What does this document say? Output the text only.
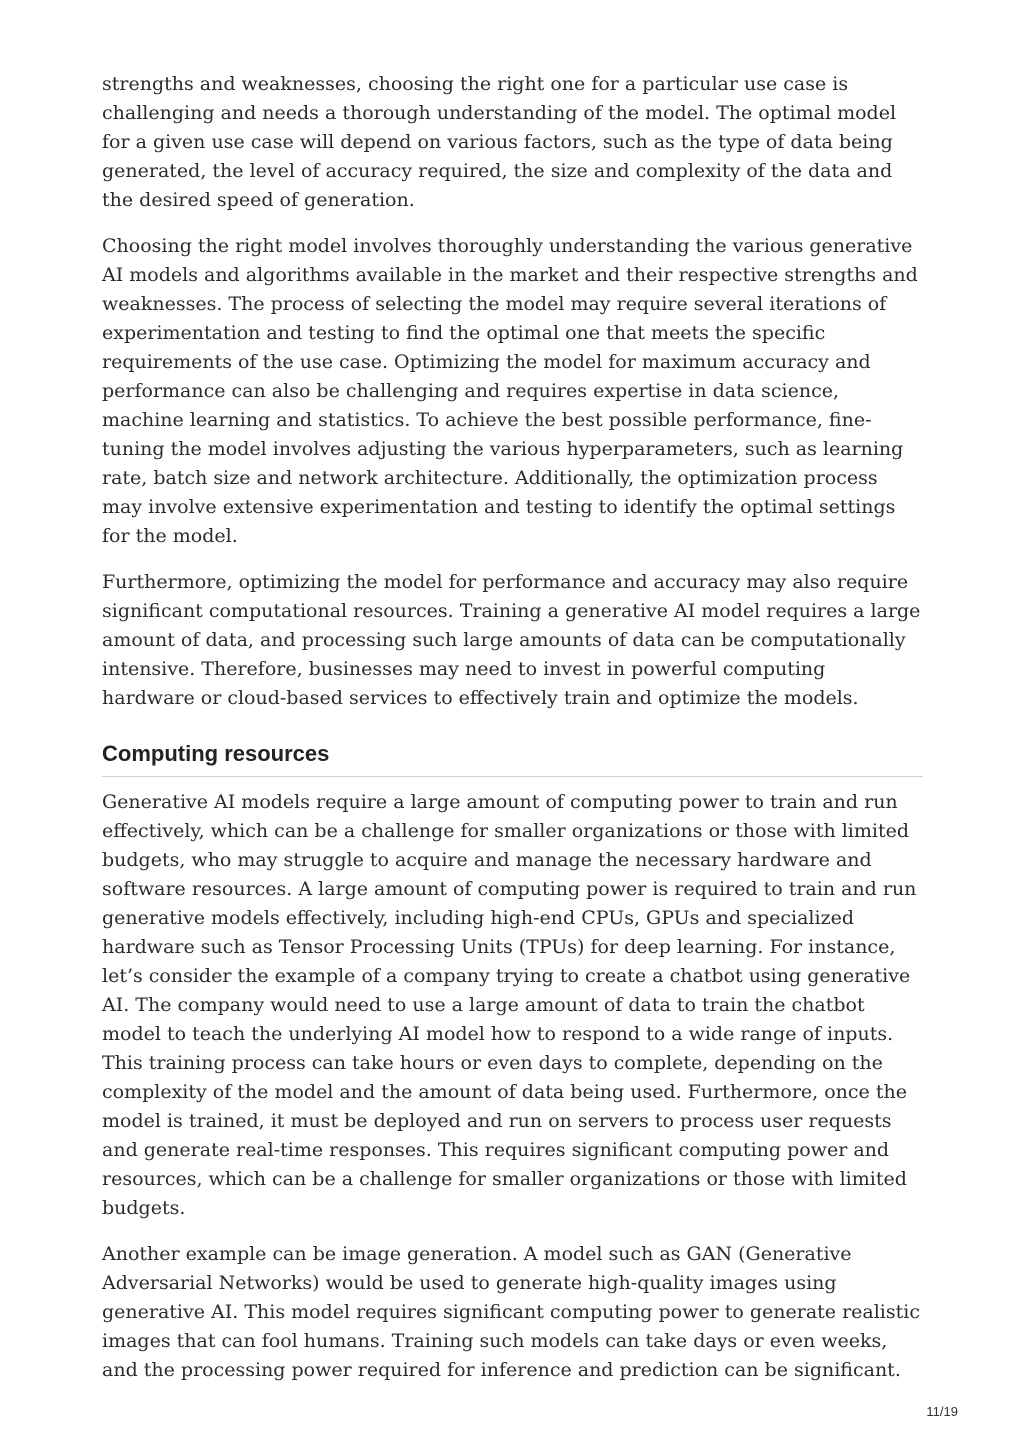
strengths and weaknesses, choosing the right one for a particular use case is challenging and needs a thorough understanding of the model. The optimal model for a given use case will depend on various factors, such as the type of data being generated, the level of accuracy required, the size and complexity of the data and the desired speed of generation.

Choosing the right model involves thoroughly understanding the various generative AI models and algorithms available in the market and their respective strengths and weaknesses. The process of selecting the model may require several iterations of experimentation and testing to find the optimal one that meets the specific requirements of the use case. Optimizing the model for maximum accuracy and performance can also be challenging and requires expertise in data science, machine learning and statistics. To achieve the best possible performance, fine-tuning the model involves adjusting the various hyperparameters, such as learning rate, batch size and network architecture. Additionally, the optimization process may involve extensive experimentation and testing to identify the optimal settings for the model.

Furthermore, optimizing the model for performance and accuracy may also require significant computational resources. Training a generative AI model requires a large amount of data, and processing such large amounts of data can be computationally intensive. Therefore, businesses may need to invest in powerful computing hardware or cloud-based services to effectively train and optimize the models.

Computing resources

Generative AI models require a large amount of computing power to train and run effectively, which can be a challenge for smaller organizations or those with limited budgets, who may struggle to acquire and manage the necessary hardware and software resources. A large amount of computing power is required to train and run generative models effectively, including high-end CPUs, GPUs and specialized hardware such as Tensor Processing Units (TPUs) for deep learning. For instance, let’s consider the example of a company trying to create a chatbot using generative AI. The company would need to use a large amount of data to train the chatbot model to teach the underlying AI model how to respond to a wide range of inputs. This training process can take hours or even days to complete, depending on the complexity of the model and the amount of data being used. Furthermore, once the model is trained, it must be deployed and run on servers to process user requests and generate real-time responses. This requires significant computing power and resources, which can be a challenge for smaller organizations or those with limited budgets.

Another example can be image generation. A model such as GAN (Generative Adversarial Networks) would be used to generate high-quality images using generative AI. This model requires significant computing power to generate realistic images that can fool humans. Training such models can take days or even weeks, and the processing power required for inference and prediction can be significant.

11/19
